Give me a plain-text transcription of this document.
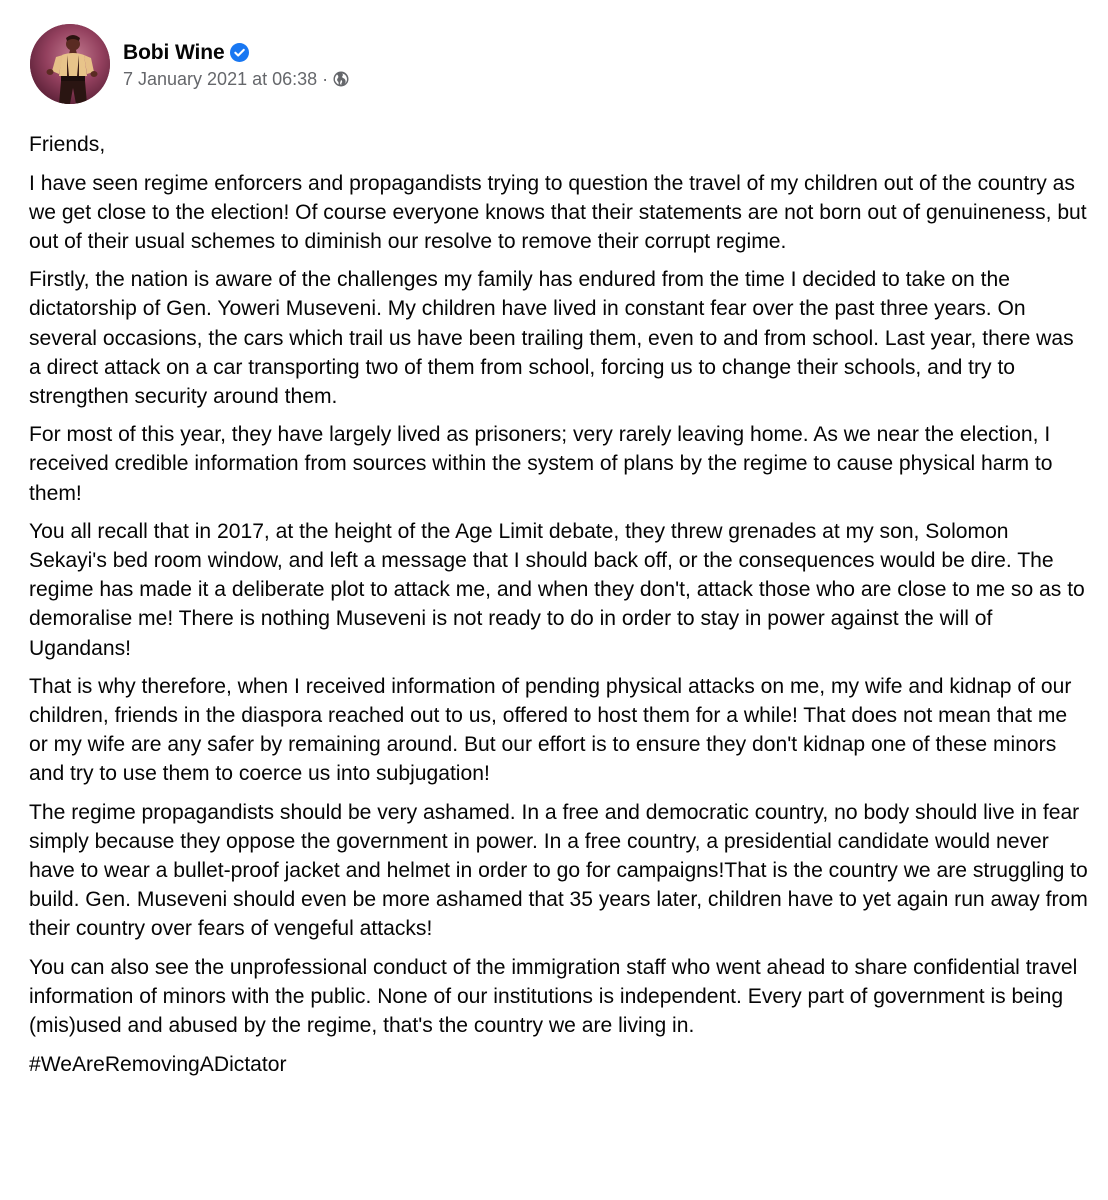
Bobi Wine
7 January 2021 at 06:38 ·

Friends,

I have seen regime enforcers and propagandists trying to question the travel of my children out of the country as we get close to the election! Of course everyone knows that their statements are not born out of genuineness, but out of their usual schemes to diminish our resolve to remove their corrupt regime.

Firstly, the nation is aware of the challenges my family has endured from the time I decided to take on the dictatorship of Gen. Yoweri Museveni. My children have lived in constant fear over the past three years. On several occasions, the cars which trail us have been trailing them, even to and from school. Last year, there was a direct attack on a car transporting two of them from school, forcing us to change their schools, and try to strengthen security around them.

For most of this year, they have largely lived as prisoners; very rarely leaving home. As we near the election, I received credible information from sources within the system of plans by the regime to cause physical harm to them!

You all recall that in 2017, at the height of the Age Limit debate, they threw grenades at my son, Solomon Sekayi's bed room window, and left a message that I should back off, or the consequences would be dire. The regime has made it a deliberate plot to attack me, and when they don't, attack those who are close to me so as to demoralise me! There is nothing Museveni is not ready to do in order to stay in power against the will of Ugandans!

That is why therefore, when I received information of pending physical attacks on me, my wife and kidnap of our children, friends in the diaspora reached out to us, offered to host them for a while! That does not mean that me or my wife are any safer by remaining around. But our effort is to ensure they don't kidnap one of these minors and try to use them to coerce us into subjugation!

The regime propagandists should be very ashamed. In a free and democratic country, no body should live in fear simply because they oppose the government in power. In a free country, a presidential candidate would never have to wear a bullet-proof jacket and helmet in order to go for campaigns!That is the country we are struggling to build. Gen. Museveni should even be more ashamed that 35 years later, children have to yet again run away from their country over fears of vengeful attacks!

You can also see the unprofessional conduct of the immigration staff who went ahead to share confidential travel information of minors with the public. None of our institutions is independent. Every part of government is being (mis)used and abused by the regime, that's the country we are living in.

#WeAreRemovingADictator
